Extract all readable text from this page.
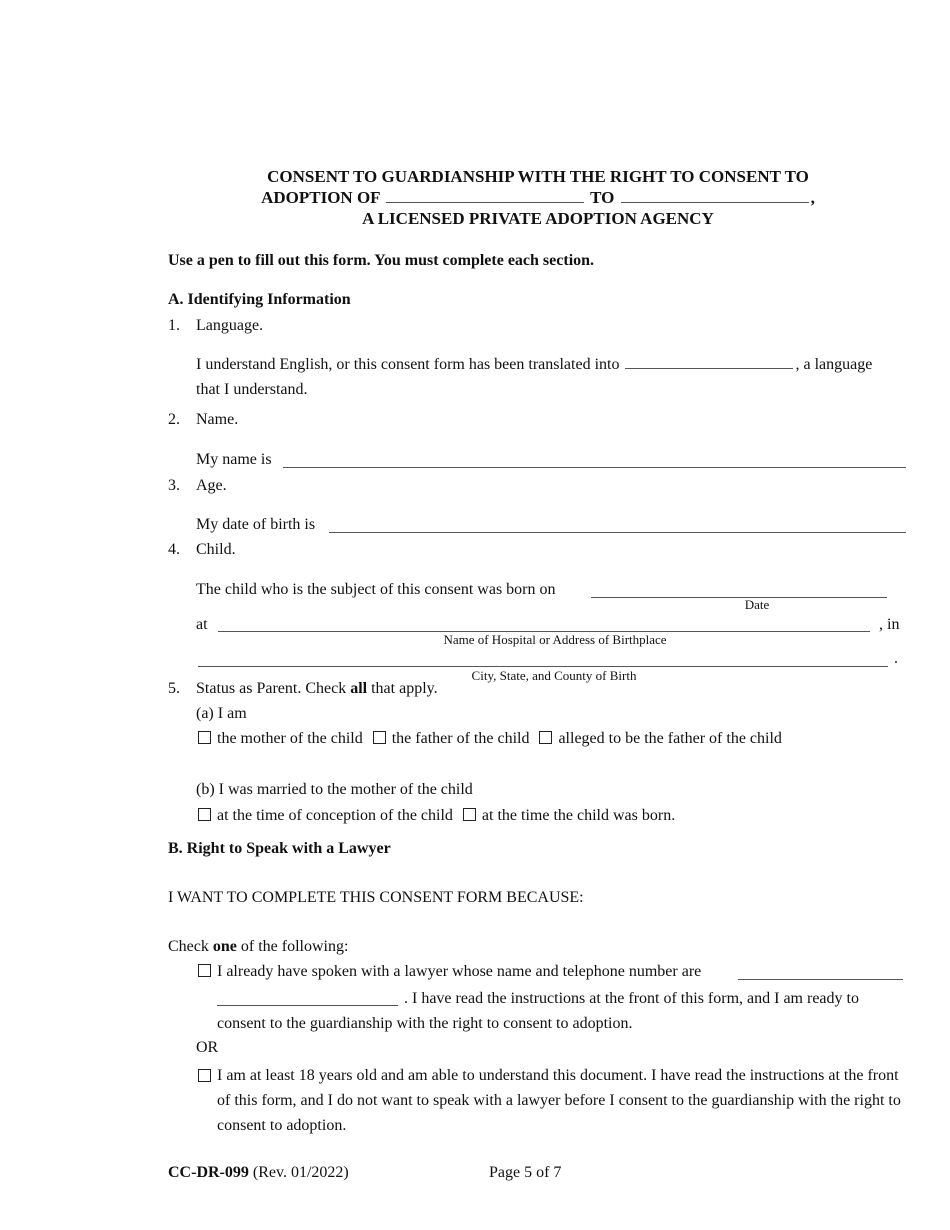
CONSENT TO GUARDIANSHIP WITH THE RIGHT TO CONSENT TO
ADOPTION OF	TO	,
A LICENSED PRIVATE ADOPTION AGENCY
Use a pen to fill out this form. You must complete each section.
A. Identifying Information
1. Language.
I understand English, or this consent form has been translated into	, a language
that I understand.
2. Name.
My name is
3. Age.
My date of birth is
4. Child.
The child who is the subject of this consent was born on
Date
at	, in
Name of Hospital or Address of Birthplace
.
City, State, and County of Birth
5. Status as Parent. Check all that apply.
(a) I am
the mother of the child the father of the child alleged to be the father of the child
(b) I was married to the mother of the child
at the time of conception of the child at the time the child was born.
B. Right to Speak with a Lawyer
I WANT TO COMPLETE THIS CONSENT FORM BECAUSE:
Check one of the following:
I already have spoken with a lawyer whose name and telephone number are
. I have read the instructions at the front of this form, and I am ready to
consent to the guardianship with the right to consent to adoption.
OR
I am at least 18 years old and am able to understand this document. I have read the instructions at the front of this form, and I do not want to speak with a lawyer before I consent to the guardianship with the right to consent to adoption.
CC-DR-099 (Rev. 01/2022)	Page 5 of 7
